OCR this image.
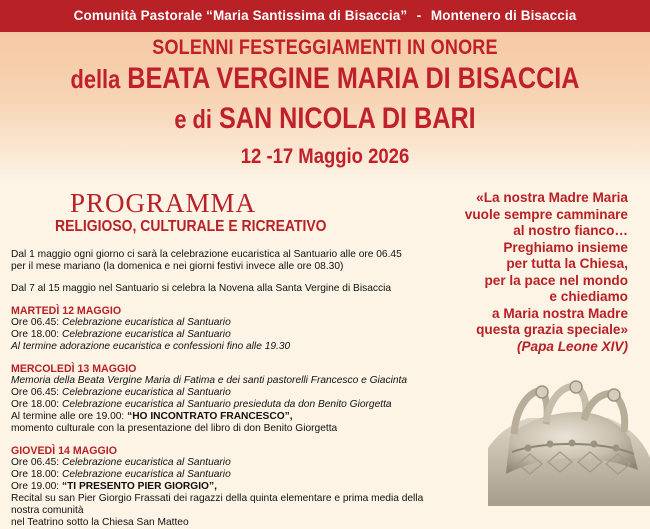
Comunità Pastorale “Maria Santissima di Bisaccia” - Montenero di Bisaccia
SOLENNI FESTEGGIAMENTI IN ONORE
della BEATA VERGINE MARIA DI BISACCIA
e di SAN NICOLA DI BARI
12 -17 Maggio 2026
PROGRAMMA
RELIGIOSO, CULTURALE E RICREATIVO

Dal 1 maggio ogni giorno ci sarà la celebrazione eucaristica al Santuario alle ore 06.45

per il mese mariano (la domenica e nei giorni festivi invece alle ore 08.30)

Dal 7 al 15 maggio nel Santuario si celebra la Novena alla Santa Vergine di Bisaccia

MARTEDÌ 12 MAGGIO

Ore 06.45: Celebrazione eucaristica al Santuario

Ore 18.00: Celebrazione eucaristica al Santuario

Al termine adorazione eucaristica e confessioni fino alle 19.30

MERCOLEDÌ 13 MAGGIO

Memoria della Beata Vergine Maria di Fatima e dei santi pastorelli Francesco e Giacinta

Ore 06.45: Celebrazione eucaristica al Santuario

Ore 18.00: Celebrazione eucaristica al Santuario presieduta da don Benito Giorgetta

Al termine alle ore 19.00: “HO INCONTRATO FRANCESCO”,

momento culturale con la presentazione del libro di don Benito Giorgetta

GIOVEDÌ 14 MAGGIO

Ore 06.45: Celebrazione eucaristica al Santuario

Ore 18.00: Celebrazione eucaristica al Santuario

Ore 19.00: “TI PRESENTO PIER GIORGIO”,

Recital su san Pier Giorgio Frassati dei ragazzi della quinta elementare e prima media della nostra comunità

nel Teatrino sotto la Chiesa San Matteo

«La nostra Madre Maria
vuole sempre camminare
al nostro fianco…
Preghiamo insieme
per tutta la Chiesa,
per la pace nel mondo
e chiediamo
a Maria nostra Madre
questa grazia speciale»
(Papa Leone XIV)
